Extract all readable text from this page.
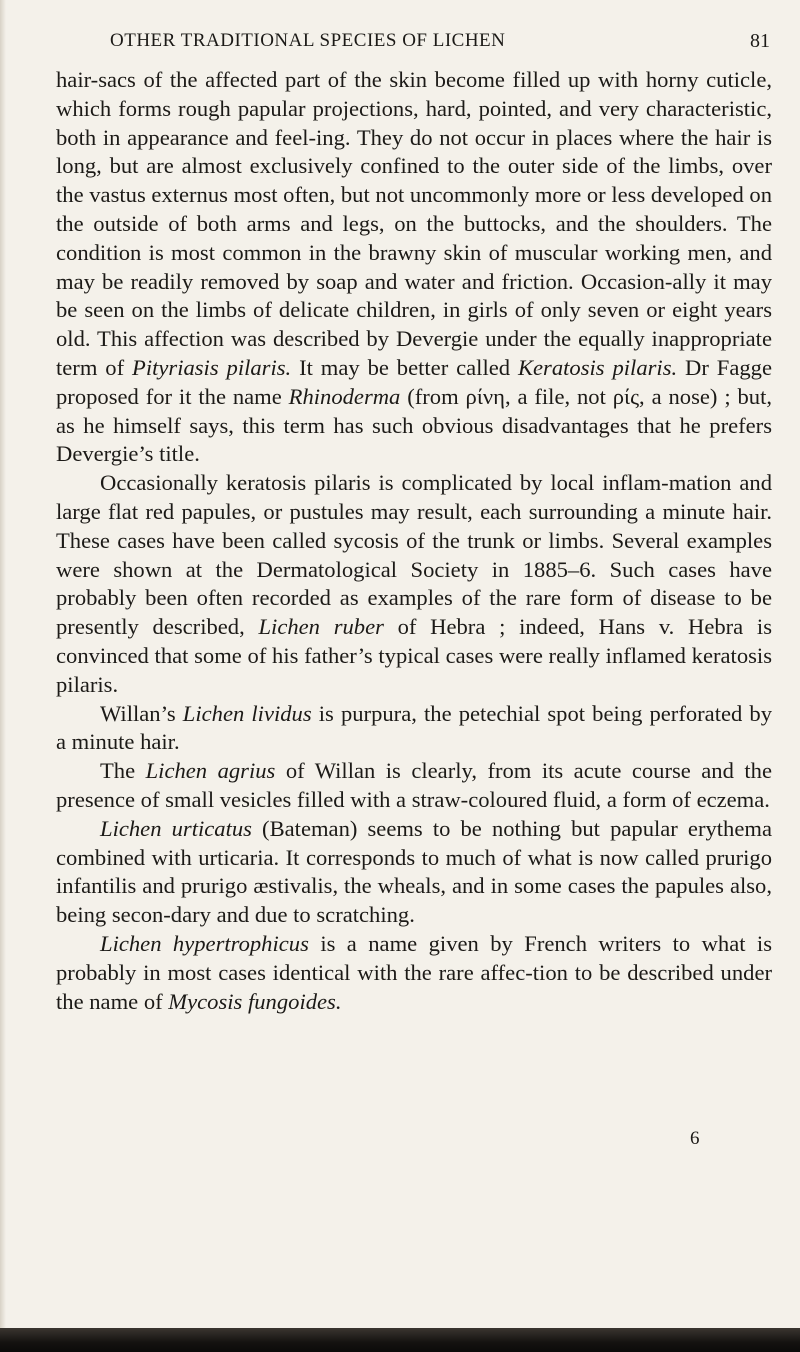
OTHER TRADITIONAL SPECIES OF LICHEN	81

hair-sacs of the affected part of the skin become filled up with horny cuticle, which forms rough papular projections, hard, pointed, and very characteristic, both in appearance and feel-ing. They do not occur in places where the hair is long, but are almost exclusively confined to the outer side of the limbs, over the vastus externus most often, but not uncommonly more or less developed on the outside of both arms and legs, on the buttocks, and the shoulders. The condition is most common in the brawny skin of muscular working men, and may be readily removed by soap and water and friction. Occasion-ally it may be seen on the limbs of delicate children, in girls of only seven or eight years old. This affection was described by Devergie under the equally inappropriate term of Pityriasis pilaris. It may be better called Keratosis pilaris. Dr Fagge proposed for it the name Rhinoderma (from ρίνη, a file, not ρίς, a nose) ; but, as he himself says, this term has such obvious disadvantages that he prefers Devergie’s title.

Occasionally keratosis pilaris is complicated by local inflam-mation and large flat red papules, or pustules may result, each surrounding a minute hair. These cases have been called sycosis of the trunk or limbs. Several examples were shown at the Dermatological Society in 1885–6. Such cases have probably been often recorded as examples of the rare form of disease to be presently described, Lichen ruber of Hebra ; indeed, Hans v. Hebra is convinced that some of his father’s typical cases were really inflamed keratosis pilaris.

Willan’s Lichen lividus is purpura, the petechial spot being perforated by a minute hair.

The Lichen agrius of Willan is clearly, from its acute course and the presence of small vesicles filled with a straw-coloured fluid, a form of eczema.

Lichen urticatus (Bateman) seems to be nothing but papular erythema combined with urticaria. It corresponds to much of what is now called prurigo infantilis and prurigo æstivalis, the wheals, and in some cases the papules also, being secon-dary and due to scratching.

Lichen hypertrophicus is a name given by French writers to what is probably in most cases identical with the rare affec-tion to be described under the name of Mycosis fungoides.

6
